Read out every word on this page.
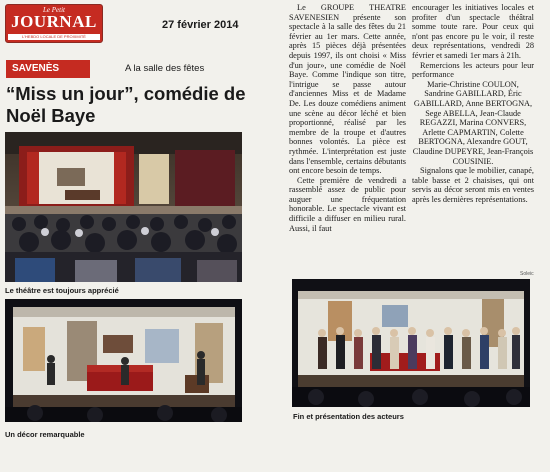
Le Petit
JOURNAL
L'HEBDO LOCALE DE PROXIMITÉ
27 février 2014
SAVENÈS	A la salle des fêtes
“Miss un jour”, comédie de Noël Baye
Le théâtre est toujours apprécié
Un décor remarquable

Le GROUPE THEATRE SAVENESIEN présente son spectacle à la salle des fêtes du 21 février au 1er mars. Cette année, après 15 pièces déjà présentées depuis 1997, ils ont choisi « Miss d'un jour», une comédie de Noël Baye. Comme l'indique son titre, l'intrigue se passe autour d'anciennes Miss et de Madame De. Les douze comédiens animent une scène au décor léché et bien proportionné, réalisé par les membre de la troupe et d'autres bonnes volontés. La pièce est rythmée. L'interprétation est juste dans l'ensemble, certains débutants ont encore besoin de temps.

Cette première de vendredi a rassemblé assez de public pour auguer une fréquentation honorable. Le spectacle vivant est difficile a diffuser en milieu rural. Aussi, il faut

encourager les initiatives locales et profiter d'un spectacle théâtral somme toute rare. Pour ceux qui n'ont pas encore pu le voir, il reste deux représentations, vendredi 28 février et samedi 1er mars à 21h.

Remercions les acteurs pour leur performance

Marie-Christine COULON, Sandrine GABILLARD, Éric GABILLARD, Anne BERTOGNA, Sege ABELLA, Jean-Claude REGAZZI, Marina CONVERS, Arlette CAPMARTIN, Colette BERTOGNA, Alexandre GOUT, Claudine DUPEYRE, Jean-François COUSINIE.

Signalons que le mobilier, canapé, table basse et 2 chaisises, qui ont servis au décor seront mis en ventes après les dernières représentations.

Soleic
Fin et présentation des acteurs
